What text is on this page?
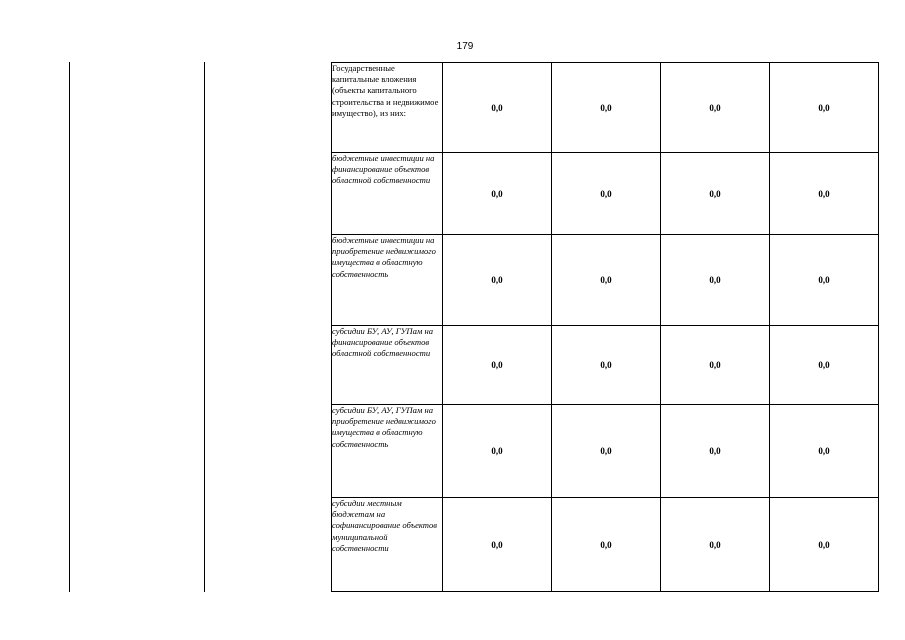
179
Государственные капитальные вложения (объекты капитального строительства и недвижимое имущество), из них:	0,0	0,0	0,0	0,0
бюджетные инвестиции на финансирование объектов областной собственности	0,0	0,0	0,0	0,0
бюджетные инвестиции на приобретение недвижимого имущества в областную собственность	0,0	0,0	0,0	0,0
субсидии БУ, АУ, ГУПам на финансирование объектов областной собственности	0,0	0,0	0,0	0,0
субсидии БУ, АУ, ГУПам на приобретение недвижимого имущества в областную собственность	0,0	0,0	0,0	0,0
субсидии местным бюджетам на софинансирование объектов муниципальной собственности	0,0	0,0	0,0	0,0
